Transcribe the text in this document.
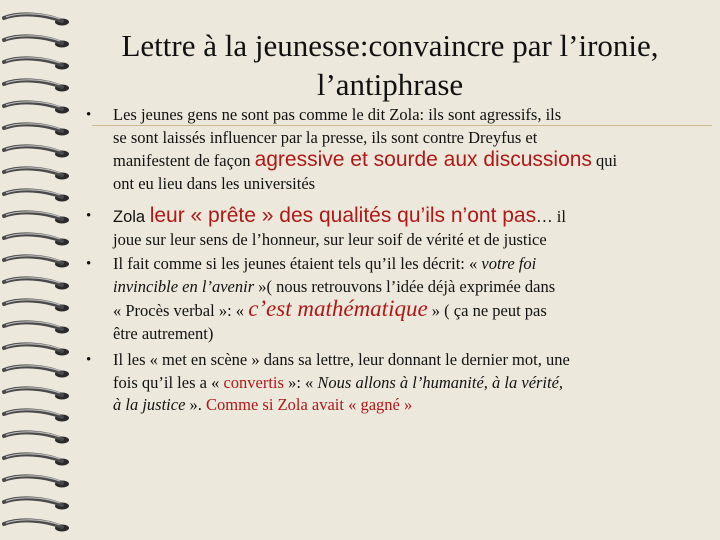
Lettre à la jeunesse:convaincre par l’ironie,
l’antiphrase

•	Les jeunes gens ne sont pas comme le dit Zola: ils sont agressifs, ils
se sont laissés influencer par la presse, ils sont contre Dreyfus et
manifestent de façon agressive et sourde aux discussions qui
ont eu lieu dans les universités

•	Zola leur « prête » des qualités qu’ils n’ont pas… il
joue sur leur sens de l’honneur, sur leur soif de vérité et de justice

•	Il fait comme si les jeunes étaient tels qu’il les décrit: « votre foi
invincible en l’avenir »( nous retrouvons l’idée déjà exprimée dans
« Procès verbal »: « c’est mathématique » ( ça ne peut pas
être autrement)

•	Il les « met en scène » dans sa lettre, leur donnant le dernier mot, une
fois qu’il les a « convertis »: « Nous allons à l’humanité, à la vérité,
à la justice ». Comme si Zola avait « gagné »
